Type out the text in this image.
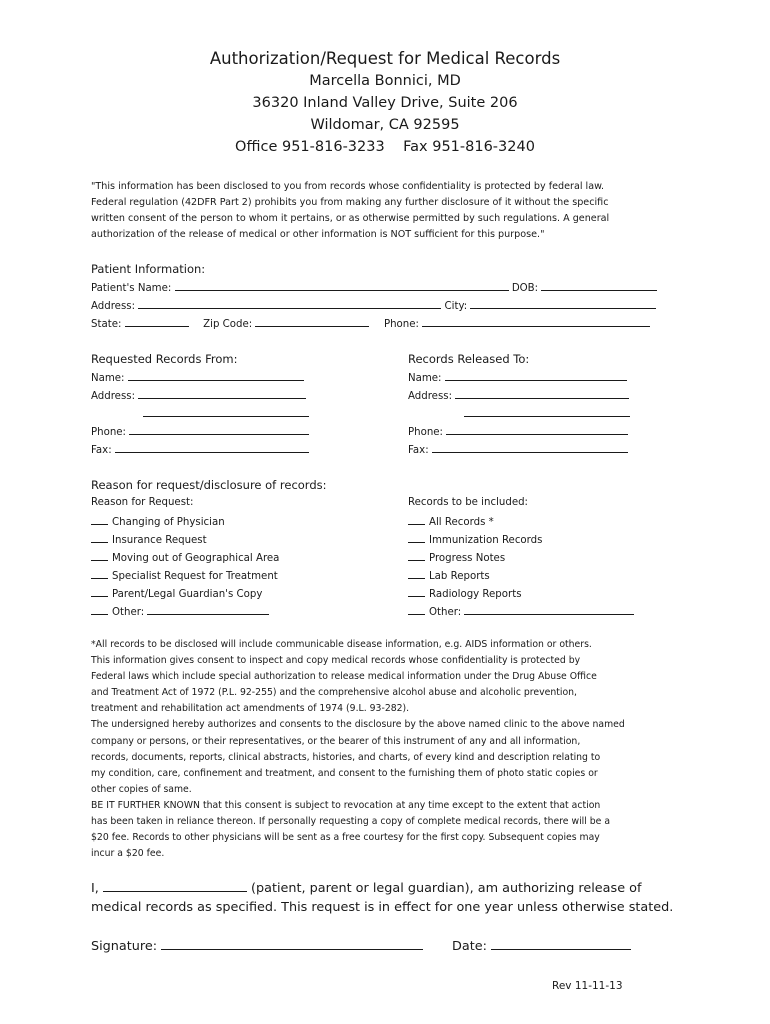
Authorization/Request for Medical Records
Marcella Bonnici, MD
36320 Inland Valley Drive, Suite 206
Wildomar, CA 92595
Office 951-816-3233    Fax 951-816-3240
"This information has been disclosed to you from records whose confidentiality is protected by federal law.
Federal regulation (42DFR Part 2) prohibits you from making any further disclosure of it without the specific
written consent of the person to whom it pertains, or as otherwise permitted by such regulations. A general
authorization of the release of medical or other information is NOT sufficient for this purpose."
Patient Information:
Patient's Name:	DOB:
Address:	City:
State:	Zip Code:	Phone:
Requested Records From:
Name:
Address:
Phone:
Fax:
Records Released To:
Name:
Address:
Phone:
Fax:
Reason for request/disclosure of records:
Reason for Request:
Changing of Physician
Insurance Request
Moving out of Geographical Area
Specialist Request for Treatment
Parent/Legal Guardian's Copy
Other:
Records to be included:
All Records *
Immunization Records
Progress Notes
Lab Reports
Radiology Reports
Other:
*All records to be disclosed will include communicable disease information, e.g. AIDS information or others.
This information gives consent to inspect and copy medical records whose confidentiality is protected by
Federal laws which include special authorization to release medical information under the Drug Abuse Office
and Treatment Act of 1972 (P.L. 92-255) and the comprehensive alcohol abuse and alcoholic prevention,
treatment and rehabilitation act amendments of 1974 (9.L. 93-282).
The undersigned hereby authorizes and consents to the disclosure by the above named clinic to the above named
company or persons, or their representatives, or the bearer of this instrument of any and all information,
records, documents, reports, clinical abstracts, histories, and charts, of every kind and description relating to
my condition, care, confinement and treatment, and consent to the furnishing them of photo static copies or
other copies of same.
BE IT FURTHER KNOWN that this consent is subject to revocation at any time except to the extent that action
has been taken in reliance thereon. If personally requesting a copy of complete medical records, there will be a
$20 fee. Records to other physicians will be sent as a free courtesy for the first copy. Subsequent copies may
incur a $20 fee.
I,	(patient, parent or legal guardian), am authorizing release of
medical records as specified. This request is in effect for one year unless otherwise stated.
Signature:	Date:
Rev 11-11-13
